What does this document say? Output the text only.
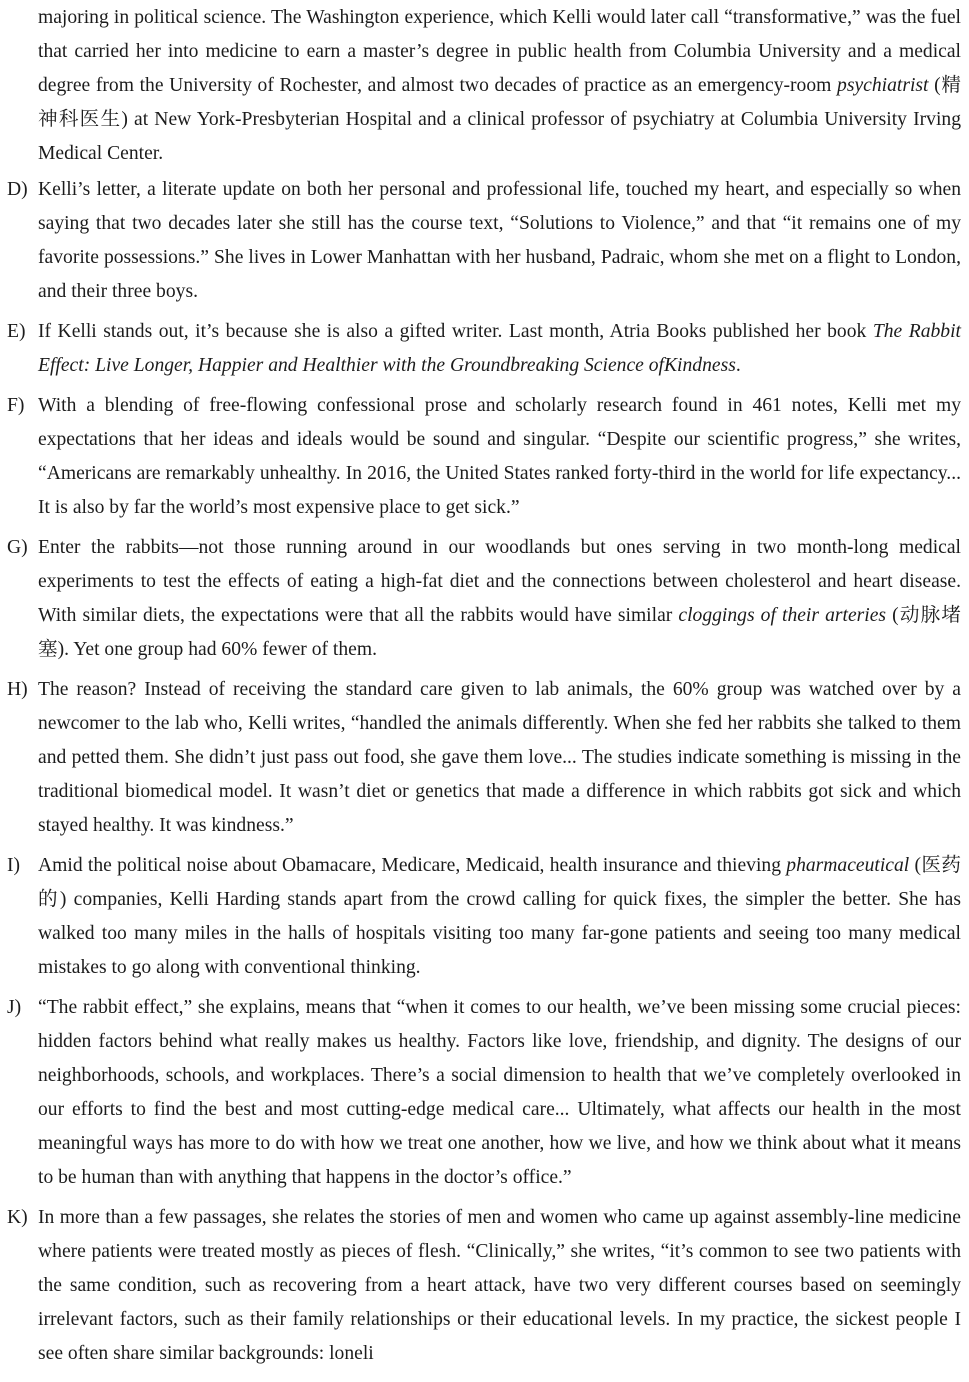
majoring in political science. The Washington experience, which Kelli would later call “transformative,” was the fuel that carried her into medicine to earn a master’s degree in public health from Columbia University and a medical degree from the University of Rochester, and almost two decades of practice as an emergency-room psychiatrist (精神科医生) at New York-Presbyterian Hospital and a clinical professor of psychiatry at Columbia University Irving Medical Center.

D) Kelli’s letter, a literate update on both her personal and professional life, touched my heart, and especially so when saying that two decades later she still has the course text, “Solutions to Violence,” and that “it remains one of my favorite possessions.” She lives in Lower Manhattan with her husband, Padraic, whom she met on a flight to London, and their three boys.

E) If Kelli stands out, it’s because she is also a gifted writer. Last month, Atria Books published her book The Rabbit Effect: Live Longer, Happier and Healthier with the Groundbreaking Science ofKindness.

F) With a blending of free-flowing confessional prose and scholarly research found in 461 notes, Kelli met my expectations that her ideas and ideals would be sound and singular. “Despite our scientific progress,” she writes, “Americans are remarkably unhealthy. In 2016, the United States ranked forty-third in the world for life expectancy... It is also by far the world’s most expensive place to get sick.”

G) Enter the rabbits—not those running around in our woodlands but ones serving in two month-long medical experiments to test the effects of eating a high-fat diet and the connections between cholesterol and heart disease. With similar diets, the expectations were that all the rabbits would have similar cloggings of their arteries (动脉堵塞). Yet one group had 60% fewer of them.

H) The reason? Instead of receiving the standard care given to lab animals, the 60% group was watched over by a newcomer to the lab who, Kelli writes, “handled the animals differently. When she fed her rabbits she talked to them and petted them. She didn’t just pass out food, she gave them love... The studies indicate something is missing in the traditional biomedical model. It wasn’t diet or genetics that made a difference in which rabbits got sick and which stayed healthy. It was kindness.”

I) Amid the political noise about Obamacare, Medicare, Medicaid, health insurance and thieving pharmaceutical (医药的) companies, Kelli Harding stands apart from the crowd calling for quick fixes, the simpler the better. She has walked too many miles in the halls of hospitals visiting too many far-gone patients and seeing too many medical mistakes to go along with conventional thinking.

J) “The rabbit effect,” she explains, means that “when it comes to our health, we’ve been missing some crucial pieces: hidden factors behind what really makes us healthy. Factors like love, friendship, and dignity. The designs of our neighborhoods, schools, and workplaces. There’s a social dimension to health that we’ve completely overlooked in our efforts to find the best and most cutting-edge medical care... Ultimately, what affects our health in the most meaningful ways has more to do with how we treat one another, how we live, and how we think about what it means to be human than with anything that happens in the doctor’s office.”

K) In more than a few passages, she relates the stories of men and women who came up against assembly-line medicine where patients were treated mostly as pieces of flesh. “Clinically,” she writes, “it’s common to see two patients with the same condition, such as recovering from a heart attack, have two very different courses based on seemingly irrelevant factors, such as their family relationships or their educational levels. In my practice, the sickest people I see often share similar backgrounds: loneli
